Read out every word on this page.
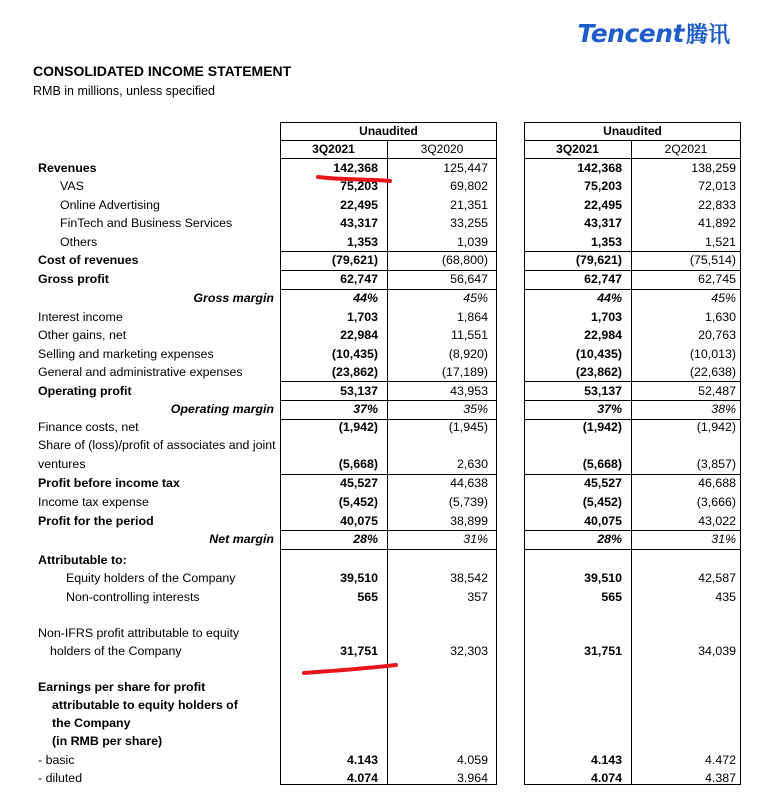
Tencent 腾讯
CONSOLIDATED INCOME STATEMENT
RMB in millions, unless specified
Unaudited	Unaudited
3Q2021	3Q2020	3Q2021	2Q2021
Revenues	142,368	125,447	142,368	138,259
VAS	75,203	69,802	75,203	72,013
Online Advertising	22,495	21,351	22,495	22,833
FinTech and Business Services	43,317	33,255	43,317	41,892
Others	1,353	1,039	1,353	1,521
Cost of revenues	(79,621)	(68,800)	(79,621)	(75,514)
Gross profit	62,747	56,647	62,747	62,745
Gross margin	44%	45%	44%	45%
Interest income	1,703	1,864	1,703	1,630
Other gains, net	22,984	11,551	22,984	20,763
Selling and marketing expenses	(10,435)	(8,920)	(10,435)	(10,013)
General and administrative expenses	(23,862)	(17,189)	(23,862)	(22,638)
Operating profit	53,137	43,953	53,137	52,487
Operating margin	37%	35%	37%	38%
Finance costs, net	(1,942)	(1,945)	(1,942)	(1,942)
Share of (loss)/profit of associates and joint
ventures	(5,668)	2,630	(5,668)	(3,857)
Profit before income tax	45,527	44,638	45,527	46,688
Income tax expense	(5,452)	(5,739)	(5,452)	(3,666)
Profit for the period	40,075	38,899	40,075	43,022
Net margin	28%	31%	28%	31%
Attributable to:
Equity holders of the Company	39,510	38,542	39,510	42,587
Non-controlling interests	565	357	565	435
Non-IFRS profit attributable to equity
holders of the Company	31,751	32,303	31,751	34,039
Earnings per share for profit
attributable to equity holders of
the Company
(in RMB per share)
- basic	4.143	4.059	4.143	4.472
- diluted	4.074	3.964	4.074	4.387
